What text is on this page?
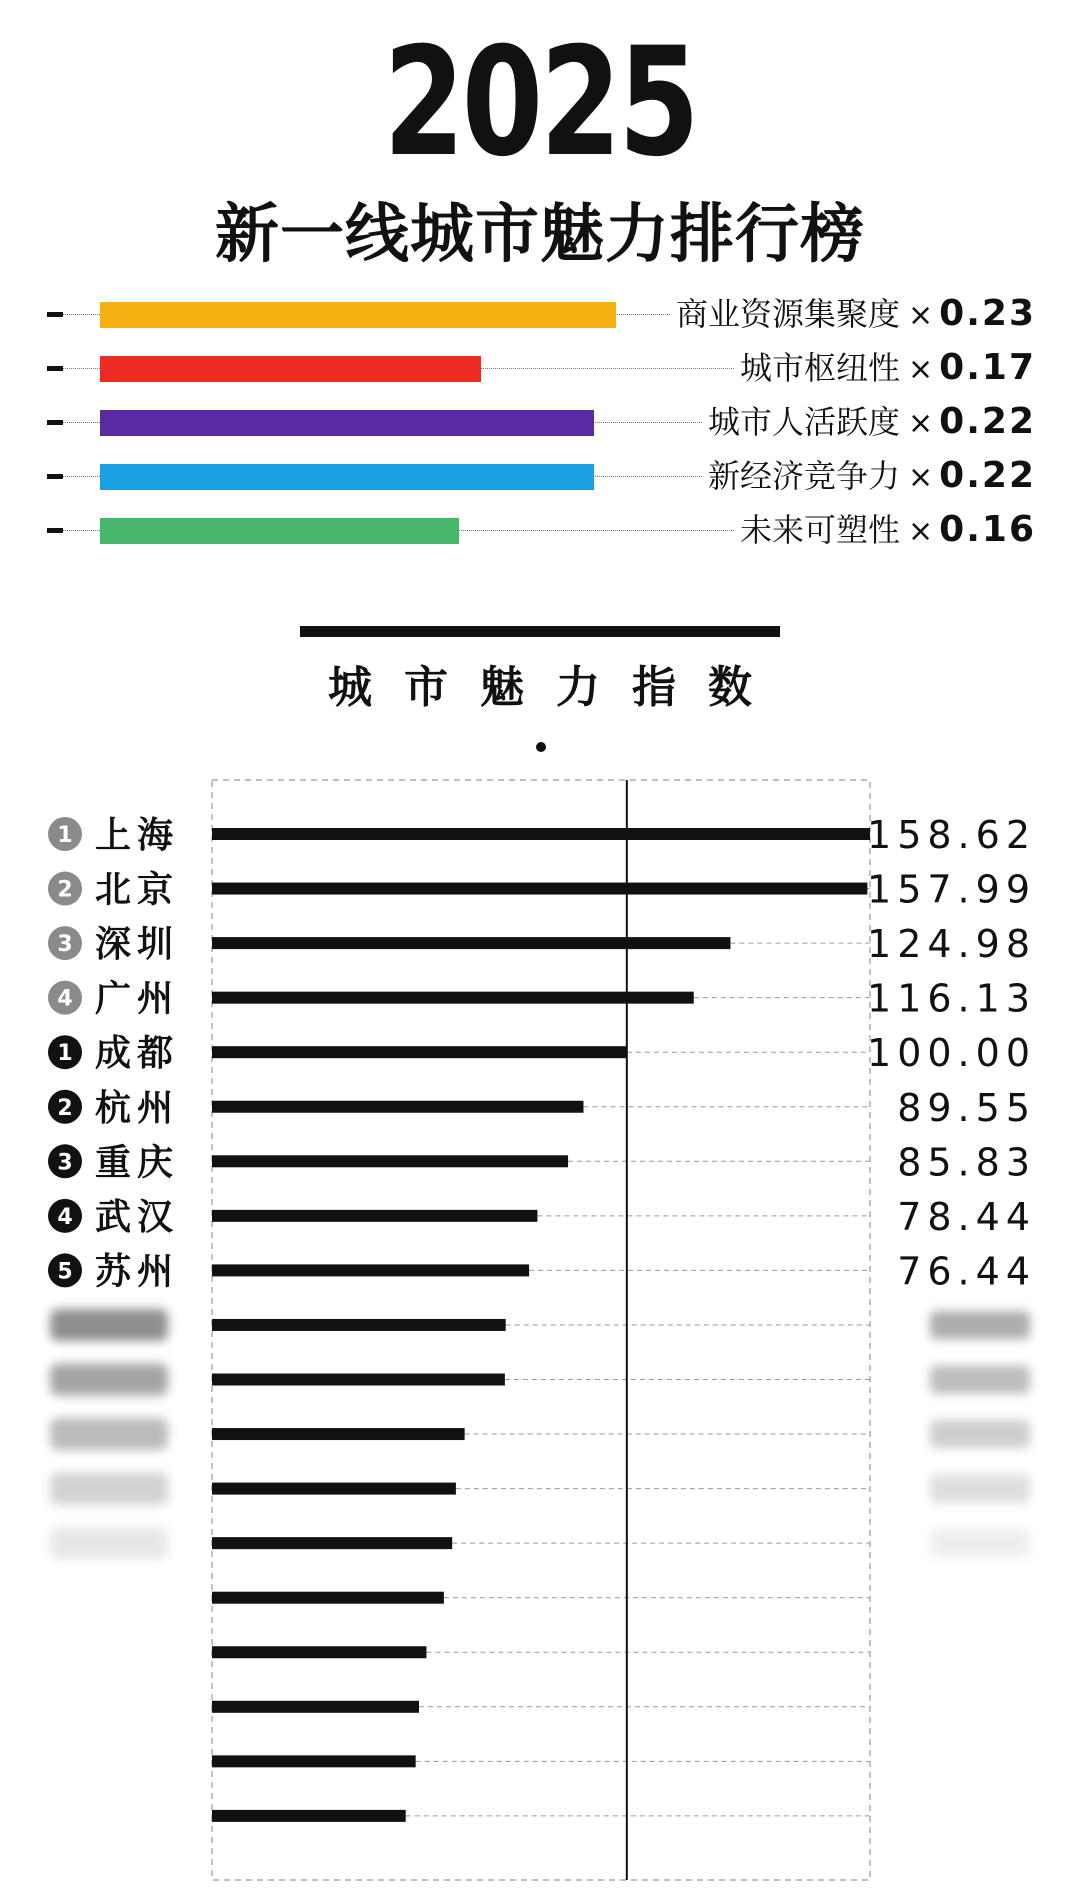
2025
新一线城市魅力排行榜
商业资源集聚度 × 0.23
城市枢纽性 × 0.17
城市人活跃度 × 0.22
新经济竞争力 × 0.22
未来可塑性 × 0.16
城市魅力指数
1 上海	158.62
2 北京	157.99
3 深圳	124.98
4 广州	116.13
1 成都	100.00
2 杭州	89.55
3 重庆	85.83
4 武汉	78.44
5 苏州	76.44
